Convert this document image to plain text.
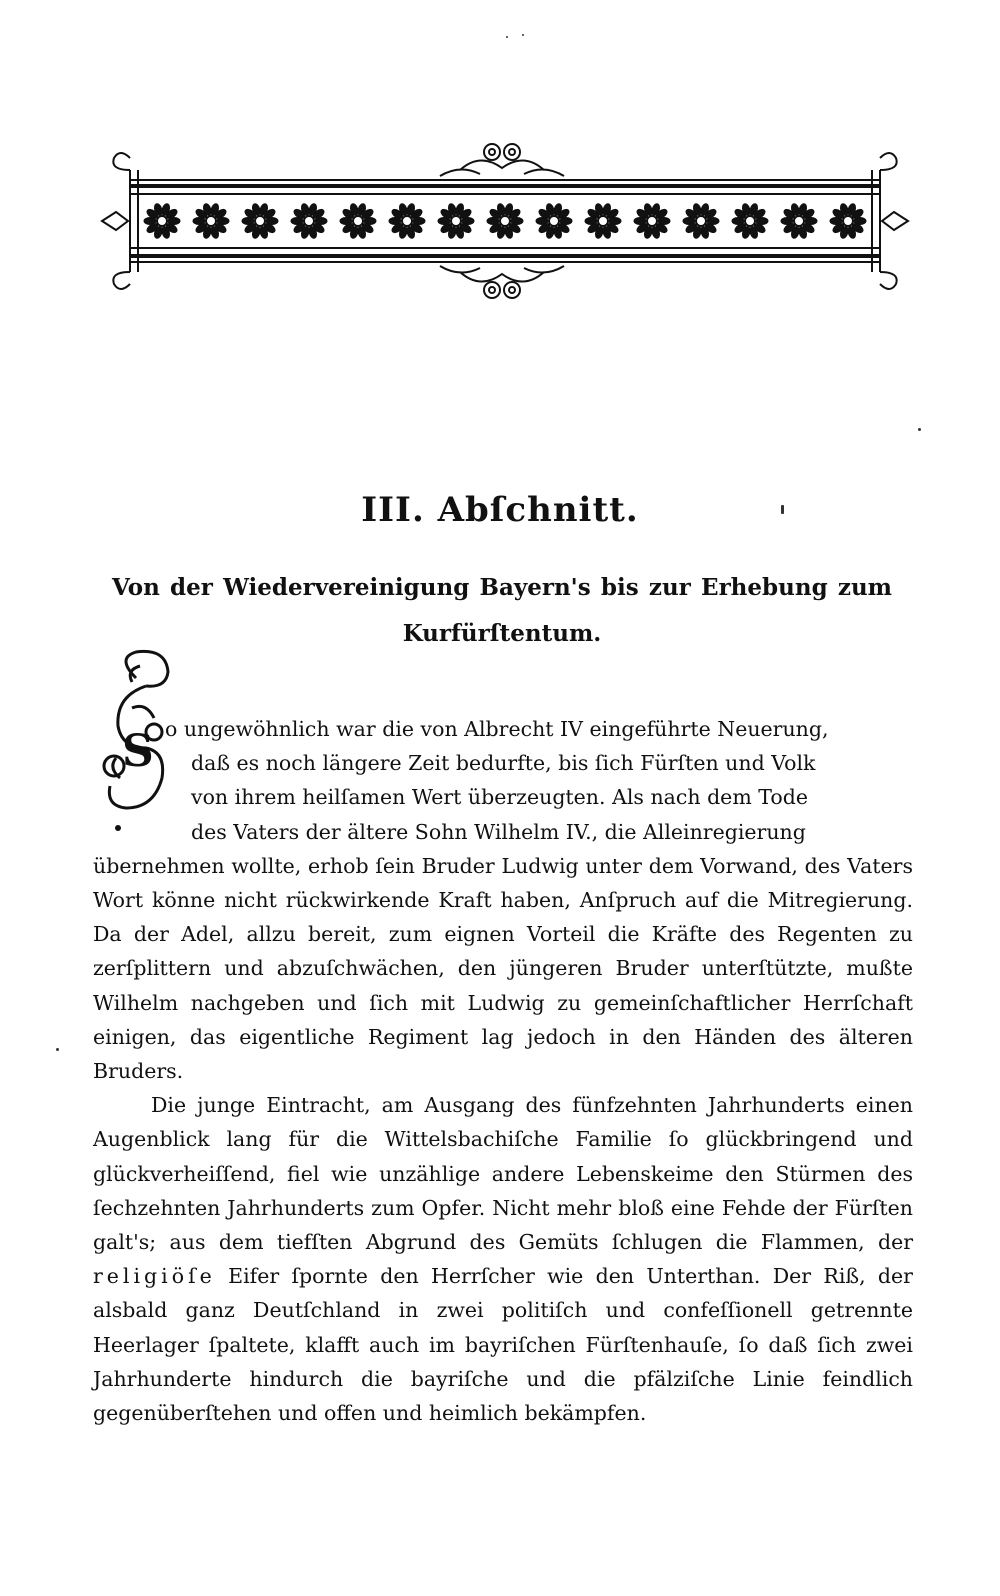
III. Abſchnitt.
Von der Wiedervereinigung Bayern's bis zur Erhebung zum Kurfürſtentum.
S o ungewöhnlich war die von Albrecht IV eingeführte Neuerung,
daß es noch längere Zeit bedurfte, bis ſich Fürſten und Volk
von ihrem heilſamen Wert überzeugten. Als nach dem Tode
des Vaters der ältere Sohn Wilhelm IV., die Alleinregierung
übernehmen wollte, erhob ſein Bruder Ludwig unter dem Vorwand, des Vaters Wort könne nicht rückwirkende Kraft haben, Anſpruch auf die Mitregierung. Da der Adel, allzu bereit, zum eignen Vorteil die Kräfte des Regenten zu zerſplittern und abzuſchwächen, den jüngeren Bruder unterſtützte, mußte Wilhelm nachgeben und ſich mit Ludwig zu gemeinſchaftlicher Herrſchaft einigen, das eigentliche Regiment lag jedoch in den Händen des älteren Bruders.

Die junge Eintracht, am Ausgang des fünfzehnten Jahrhunderts einen Augenblick lang für die Wittelsbachiſche Familie ſo glückbringend und glückverheiſſend, fiel wie unzählige andere Lebenskeime den Stürmen des ſechzehnten Jahrhunderts zum Opfer. Nicht mehr bloß eine Fehde der Fürſten galt's; aus dem tiefſten Abgrund des Gemüts ſchlugen die Flammen, der religiöſe Eifer ſpornte den Herrſcher wie den Unterthan. Der Riß, der alsbald ganz Deutſchland in zwei politiſch und confeſſionell getrennte Heerlager ſpaltete, klafft auch im bayriſchen Fürſtenhauſe, ſo daß ſich zwei Jahrhunderte hindurch die bayriſche und die pfälziſche Linie feindlich gegenüberſtehen und offen und heimlich bekämpfen.
